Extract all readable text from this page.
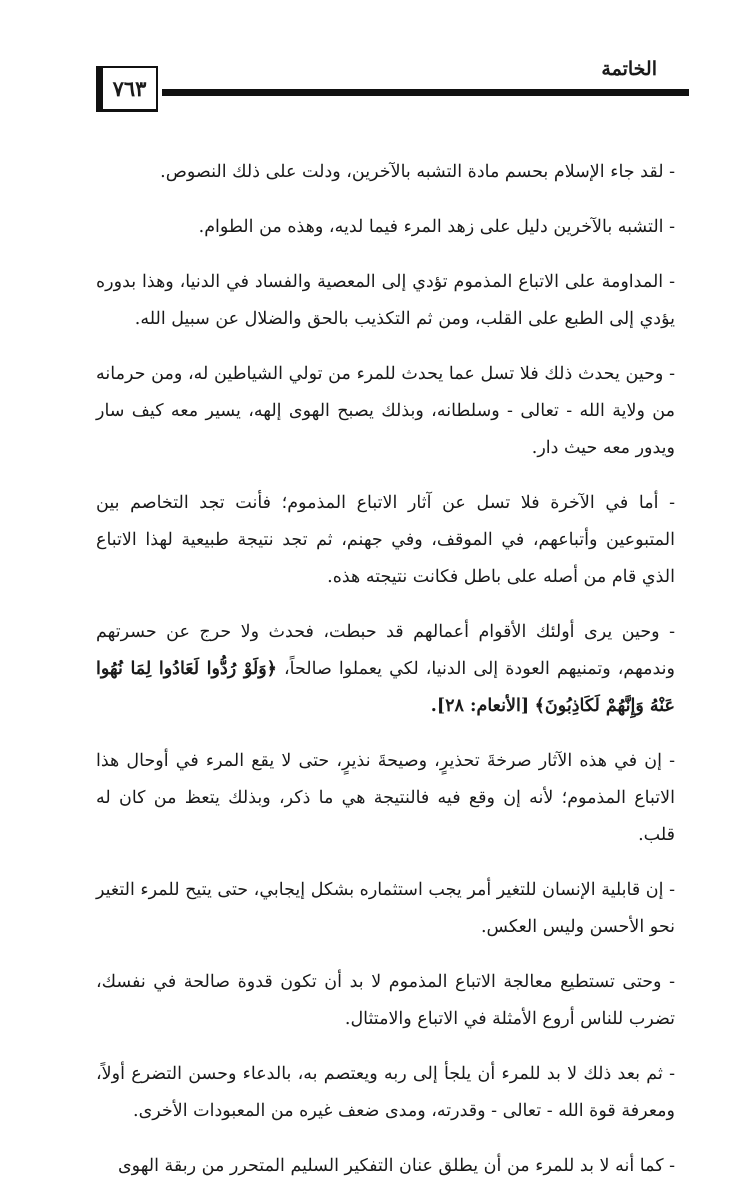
الخاتمة
٧٦٣

- لقد جاء الإسلام بحسم مادة التشبه بالآخرين، ودلت على ذلك النصوص.

- التشبه بالآخرين دليل على زهد المرء فيما لديه، وهذه من الطوام.

- المداومة على الاتباع المذموم تؤدي إلى المعصية والفساد في الدنيا، وهذا بدوره يؤدي إلى الطبع على القلب، ومن ثم التكذيب بالحق والضلال عن سبيل الله.

- وحين يحدث ذلك فلا تسل عما يحدث للمرء من تولي الشياطين له، ومن حرمانه من ولاية الله - تعالى - وسلطانه، وبذلك يصبح الهوى إلهه، يسير معه كيف سار ويدور معه حيث دار.

- أما في الآخرة فلا تسل عن آثار الاتباع المذموم؛ فأنت تجد التخاصم بين المتبوعين وأتباعهم، في الموقف، وفي جهنم، ثم تجد نتيجة طبيعية لهذا الاتباع الذي قام من أصله على باطل فكانت نتيجته هذه.

- وحين يرى أولئك الأقوام أعمالهم قد حبطت، فحدث ولا حرج عن حسرتهم وندمهم، وتمنيهم العودة إلى الدنيا، لكي يعملوا صالحاً، ﴿وَلَوْ رُدُّوا لَعَادُوا لِمَا نُهُوا عَنْهُ وَإِنَّهُمْ لَكَاذِبُونَ﴾ [الأنعام: ٢٨].

- إن في هذه الآثار صرخةَ تحذيرٍ، وصيحةَ نذيرٍ، حتى لا يقع المرء في أوحال هذا الاتباع المذموم؛ لأنه إن وقع فيه فالنتيجة هي ما ذكر، وبذلك يتعظ من كان له قلب.

- إن قابلية الإنسان للتغير أمر يجب استثماره بشكل إيجابي، حتى يتيح للمرء التغير نحو الأحسن وليس العكس.

- وحتى تستطيع معالجة الاتباع المذموم لا بد أن تكون قدوة صالحة في نفسك، تضرب للناس أروع الأمثلة في الاتباع والامتثال.

- ثم بعد ذلك لا بد للمرء أن يلجأ إلى ربه ويعتصم به، بالدعاء وحسن التضرع أولاً، ومعرفة قوة الله - تعالى - وقدرته، ومدى ضعف غيره من المعبودات الأخرى.

- كما أنه لا بد للمرء من أن يطلق عنان التفكير السليم المتحرر من ربقة الهوى
